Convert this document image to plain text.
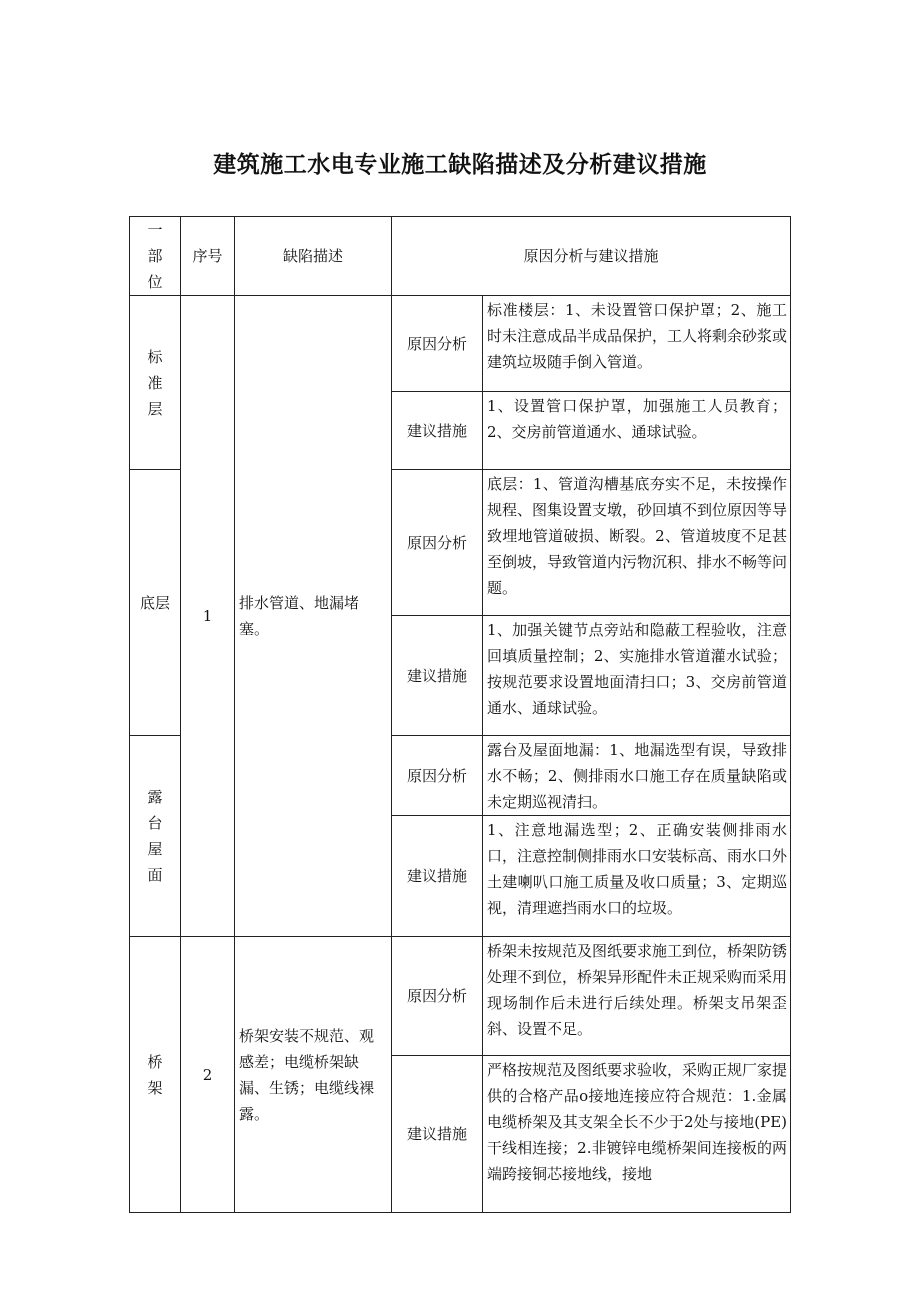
建筑施工水电专业施工缺陷描述及分析建议措施
一
部
位	序号	缺陷描述	原因分析与建议措施	

标
准
层	1	排水管道、地漏堵塞。	原因分析	标准楼层：1、未设置管口保护罩；2、施工时未注意成品半成品保护，工人将剩余砂浆或建筑垃圾随手倒入管道。
			建议措施	1、设置管口保护罩，加强施工人员教育；2、交房前管道通水、通球试验。
底层			原因分析	底层：1、管道沟槽基底夯实不足，未按操作规程、图集设置支墩，砂回填不到位原因等导致埋地管道破损、断裂。2、管道坡度不足甚至倒坡，导致管道内污物沉积、排水不畅等问题。
			建议措施	1、加强关键节点旁站和隐蔽工程验收，注意回填质量控制；2、实施排水管道灌水试验；按规范要求设置地面清扫口；3、交房前管道通水、通球试验。

露
台
屋
面			原因分析	露台及屋面地漏：1、地漏选型有误，导致排水不畅；2、侧排雨水口施工存在质量缺陷或未定期巡视清扫。
			建议措施	1、注意地漏选型；2、正确安装侧排雨水口，注意控制侧排雨水口安装标高、雨水口外土建喇叭口施工质量及收口质量；3、定期巡视，清理遮挡雨水口的垃圾。

桥
架	2	桥架安装不规范、观感差；电缆桥架缺漏、生锈；电缆线裸露。	原因分析	桥架未按规范及图纸要求施工到位，桥架防锈处理不到位，桥架异形配件未正规采购而采用现场制作后未进行后续处理。桥架支吊架歪斜、设置不足。
			建议措施	严格按规范及图纸要求验收，采购正规厂家提供的合格产品o接地连接应符合规范：1.金属电缆桥架及其支架全长不少于2处与接地(PE)干线相连接；2.非镀锌电缆桥架间连接板的两端跨接铜芯接地线，接地
